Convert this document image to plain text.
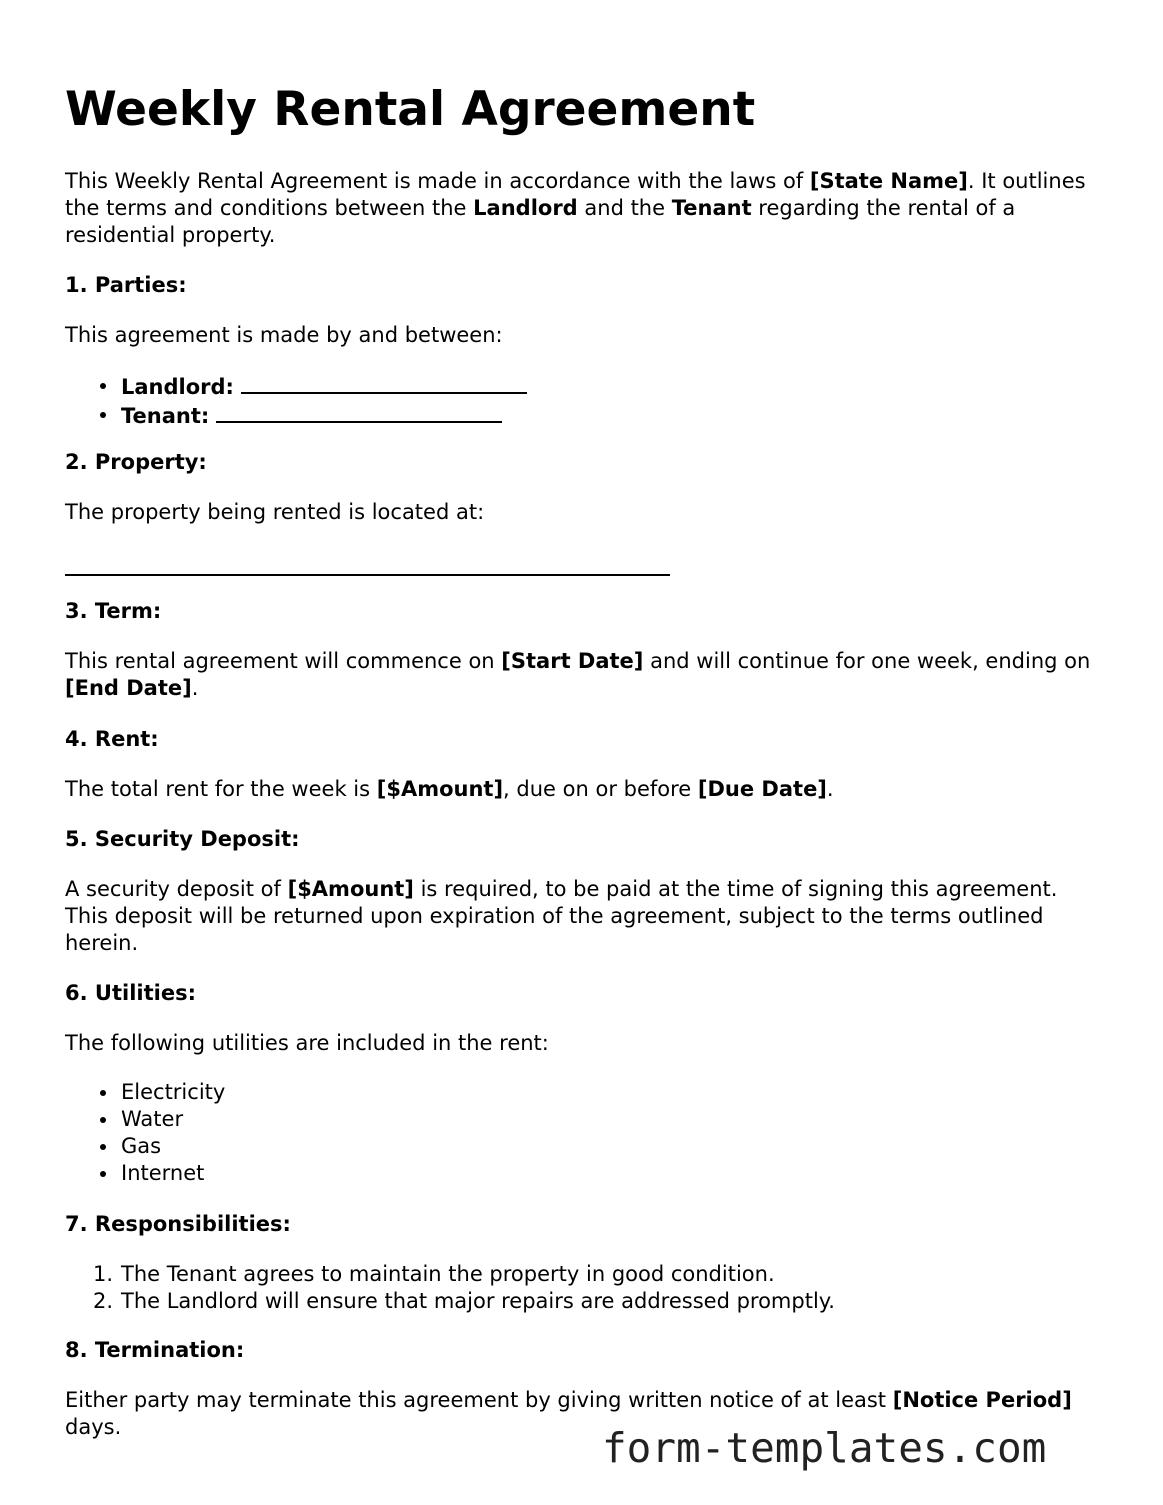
Weekly Rental Agreement

This Weekly Rental Agreement is made in accordance with the laws of [State Name]. It outlines the terms and conditions between the Landlord and the Tenant regarding the rental of a residential property.

1. Parties:

This agreement is made by and between:

Landlord:
Tenant:

2. Property:

The property being rented is located at:

3. Term:

This rental agreement will commence on [Start Date] and will continue for one week, ending on [End Date].

4. Rent:

The total rent for the week is [$Amount], due on or before [Due Date].

5. Security Deposit:

A security deposit of [$Amount] is required, to be paid at the time of signing this agreement. This deposit will be returned upon expiration of the agreement, subject to the terms outlined herein.

6. Utilities:

The following utilities are included in the rent:

Electricity
Water
Gas
Internet

7. Responsibilities:

1. The Tenant agrees to maintain the property in good condition.
2. The Landlord will ensure that major repairs are addressed promptly.

8. Termination:

Either party may terminate this agreement by giving written notice of at least [Notice Period] days.	form-templates.com
